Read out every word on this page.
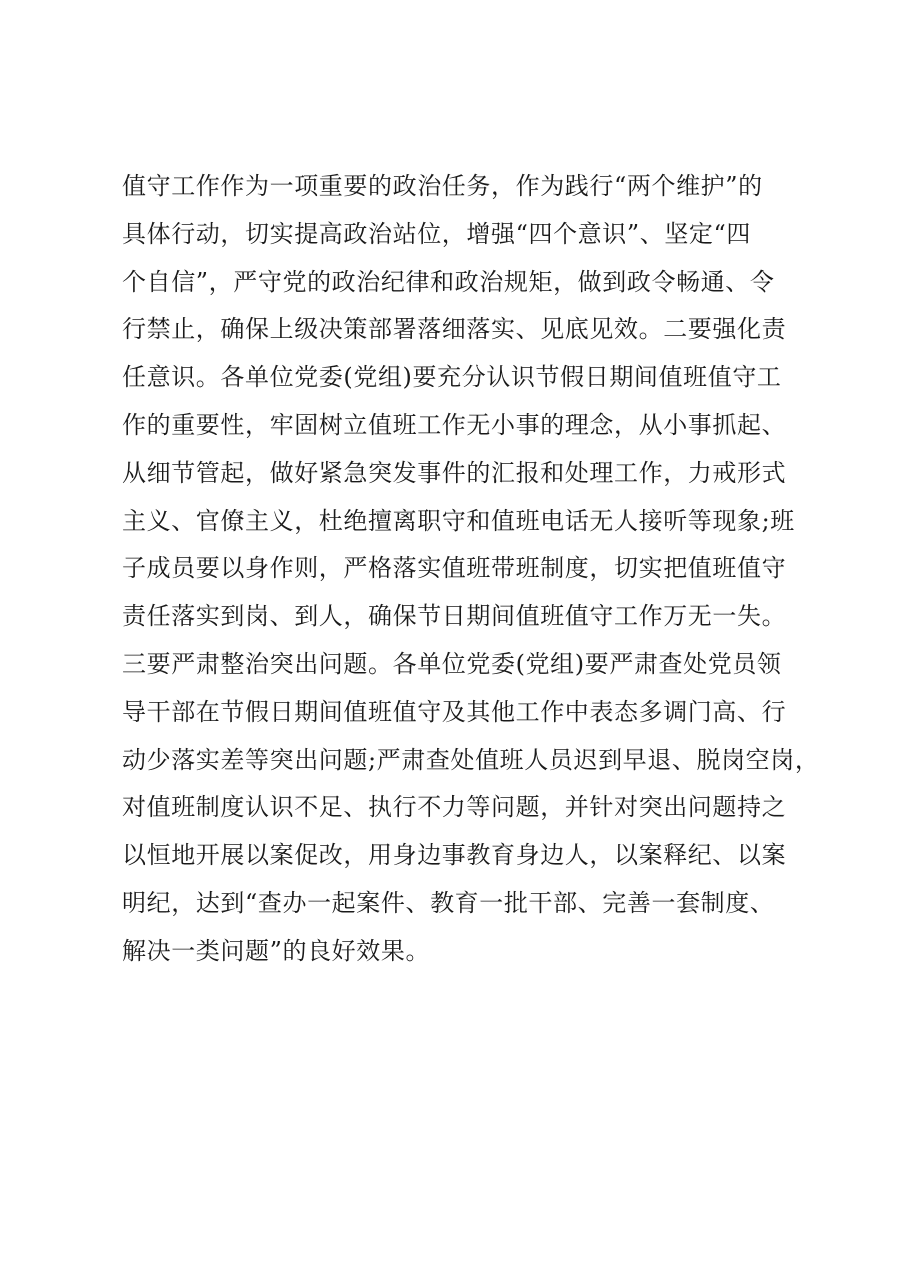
值守工作作为一项重要的政治任务，作为践行“两个维护”的
具体行动，切实提高政治站位，增强“四个意识”、坚定“四
个自信”，严守党的政治纪律和政治规矩，做到政令畅通、令
行禁止，确保上级决策部署落细落实、见底见效。二要强化责
任意识。各单位党委(党组)要充分认识节假日期间值班值守工
作的重要性，牢固树立值班工作无小事的理念，从小事抓起、
从细节管起，做好紧急突发事件的汇报和处理工作，力戒形式
主义、官僚主义，杜绝擅离职守和值班电话无人接听等现象;班
子成员要以身作则，严格落实值班带班制度，切实把值班值守
责任落实到岗、到人，确保节日期间值班值守工作万无一失。
三要严肃整治突出问题。各单位党委(党组)要严肃查处党员领
导干部在节假日期间值班值守及其他工作中表态多调门高、行
动少落实差等突出问题;严肃查处值班人员迟到早退、脱岗空岗，
对值班制度认识不足、执行不力等问题，并针对突出问题持之
以恒地开展以案促改，用身边事教育身边人，以案释纪、以案
明纪，达到“查办一起案件、教育一批干部、完善一套制度、
解决一类问题”的良好效果。
